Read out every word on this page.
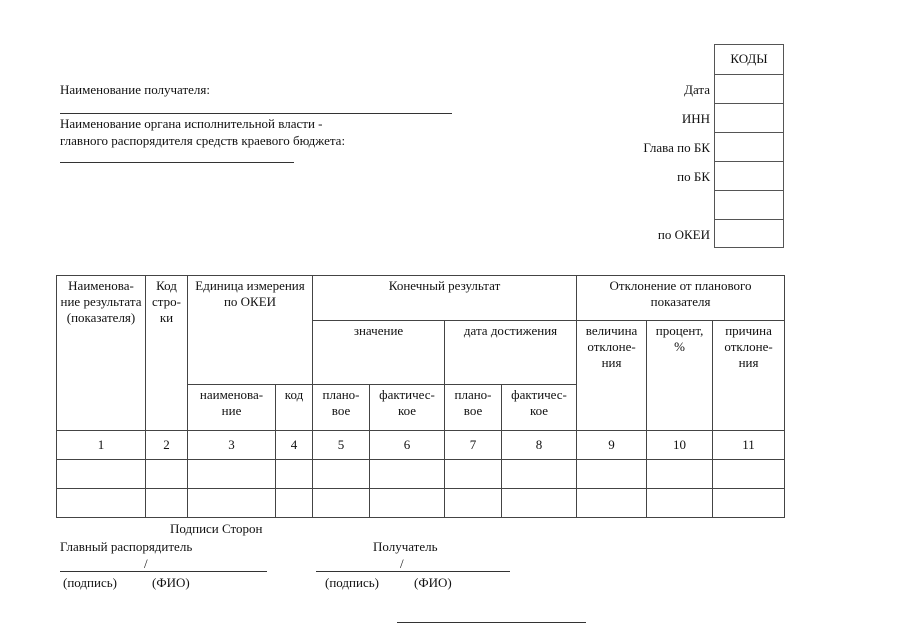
Наименование получателя:
Наименование органа исполнительной власти -
главного распорядителя средств краевого бюджета:
Дата
ИНН
Глава по БК
по БК
по ОКЕИ
КОДЫ
Наименова-ние результата (показателя)	Код стро-ки	Единица измерения по ОКЕИ		Конечный результат				Отклонение от планового показателя		
				значение		дата достижения		величина отклоне-ния	процент, %	причина отклоне-ния
		наименова-ние	код	плано-вое	фактичес-кое	плано-вое	фактичес-кое			
1	2	3	4	5	6	7	8	9	10	11

Подписи Сторон
Главный распорядитель	Получатель
/	/
(подпись)	(ФИО)	(подпись)	(ФИО)
